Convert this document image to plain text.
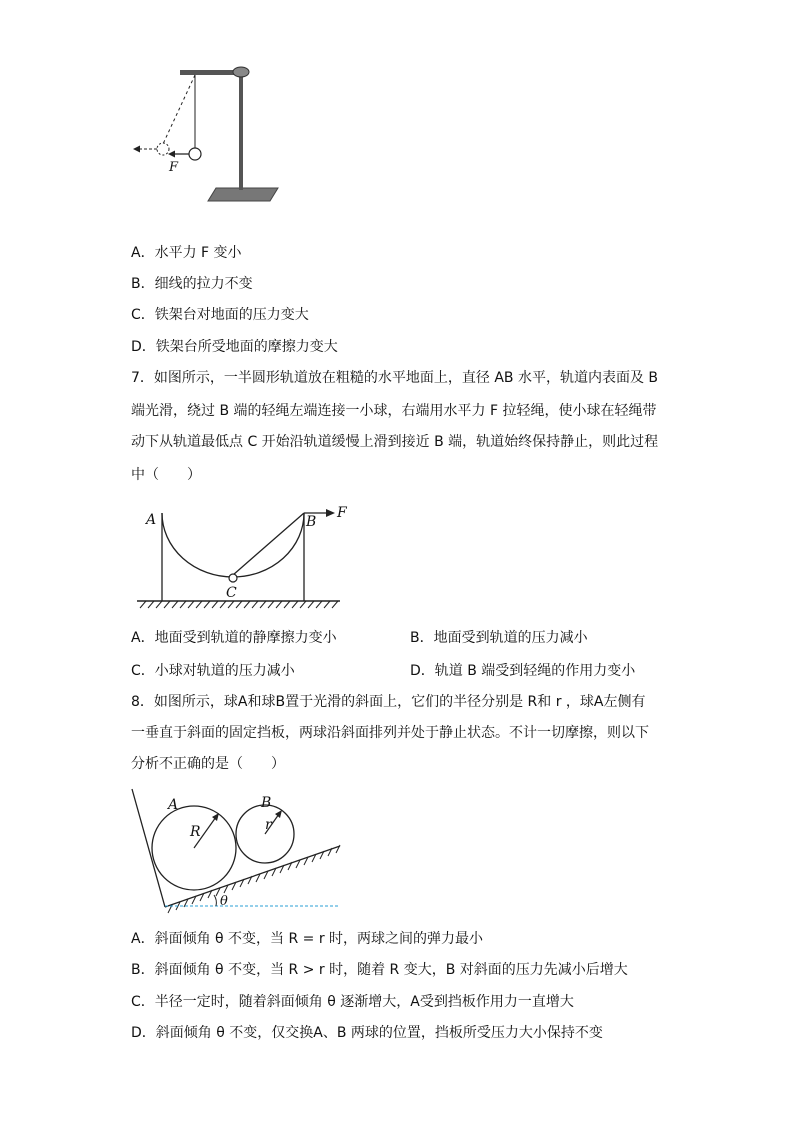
F
A．水平力 F 变小
B．细线的拉力不变
C．铁架台对地面的压力变大
D．铁架台所受地面的摩擦力变大
7．如图所示，一半圆形轨道放在粗糙的水平地面上，直径 AB 水平，轨道内表面及 B
端光滑，绕过 B 端的轻绳左端连接一小球，右端用水平力 F 拉轻绳，使小球在轻绳带
动下从轨道最低点 C 开始沿轨道缓慢上滑到接近 B 端，轨道始终保持静止，则此过程
中（　　）
A	B
C
F
A．地面受到轨道的静摩擦力变小	B．地面受到轨道的压力减小
C．小球对轨道的压力减小	D．轨道 B 端受到轻绳的作用力变小
8．如图所示，球A和球B置于光滑的斜面上，它们的半径分别是 R和 r ，球A左侧有
一垂直于斜面的固定挡板，两球沿斜面排列并处于静止状态。不计一切摩擦，则以下
分析不正确的是（　　）
θ
A	B
R	r
A．斜面倾角 θ 不变，当 R = r 时，两球之间的弹力最小
B．斜面倾角 θ 不变，当 R > r 时，随着 R 变大，B 对斜面的压力先减小后增大
C．半径一定时，随着斜面倾角 θ 逐渐增大，A受到挡板作用力一直增大
D．斜面倾角 θ 不变，仅交换A、B 两球的位置，挡板所受压力大小保持不变
